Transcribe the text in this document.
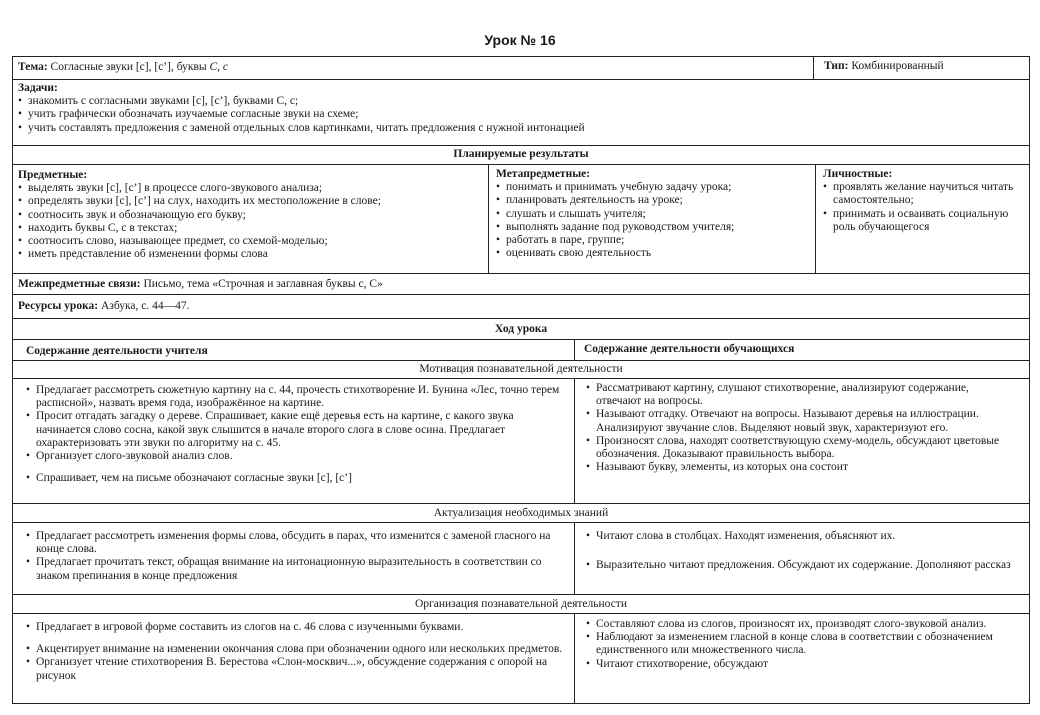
Урок № 16
Тема: Согласные звуки [с], [с’], буквы С, с	Тип: Комбинированный
Задачи:
• знакомить с согласными звуками [с], [с’], буквами С, с;
• учить графически обозначать изучаемые согласные звуки на схеме;
• учить составлять предложения с заменой отдельных слов картинками, читать предложения с нужной интонацией
Планируемые результаты
Предметные:
• выделять звуки [с], [с’] в процессе слого-звукового анализа;
• определять звуки [с], [с’] на слух, находить их местоположение в слове;
• соотносить звук и обозначающую его букву;
• находить буквы С, с в текстах;
• соотносить слово, называющее предмет, со схемой-моделью;
• иметь представление об изменении формы слова
Метапредметные:
• понимать и принимать учебную задачу урока;
• планировать деятельность на уроке;
• слушать и слышать учителя;
• выполнять задание под руководством учителя;
• работать в паре, группе;
• оценивать свою деятельность
Личностные:
• проявлять желание научиться читать самостоятельно;
• принимать и осваивать социальную роль обучающегося
Межпредметные связи: Письмо, тема «Строчная и заглавная буквы с, С»
Ресурсы урока: Азбука, с. 44—47.
Ход урока
Содержание деятельности учителя	Содержание деятельности обучающихся
Мотивация познавательной деятельности
• Предлагает рассмотреть сюжетную картину на с. 44, прочесть стихотворение И. Бунина «Лес, точно терем расписной», назвать время года, изображённое на картине.
• Просит отгадать загадку о дереве. Спрашивает, какие ещё деревья есть на картине, с какого звука начинается слово сосна, какой звук слышится в начале второго слога в слове осина. Предлагает охарактеризовать эти звуки по алгоритму на с. 45.
• Организует слого-звуковой анализ слов.
• Спрашивает, чем на письме обозначают согласные звуки [с], [с’]
• Рассматривают картину, слушают стихотворение, анализируют содержание, отвечают на вопросы.
• Называют отгадку. Отвечают на вопросы. Называют деревья на иллюстрации. Анализируют звучание слов. Выделяют новый звук, характеризуют его.
• Произносят слова, находят соответствующую схему-модель, обсуждают цветовые обозначения. Доказывают правильность выбора.
• Называют букву, элементы, из которых она состоит
Актуализация необходимых знаний
• Предлагает рассмотреть изменения формы слова, обсудить в парах, что изменится с заменой гласного на конце слова.
• Предлагает прочитать текст, обращая внимание на интонационную выразительность в соответствии со знаком препинания в конце предложения
• Читают слова в столбцах. Находят изменения, объясняют их.
• Выразительно читают предложения. Обсуждают их содержание. Дополняют рассказ
Организация познавательной деятельности
• Предлагает в игровой форме составить из слогов на с. 46 слова с изученными буквами.
• Акцентирует внимание на изменении окончания слова при обозначении одного или нескольких предметов.
• Организует чтение стихотворения В. Берестова «Слон-москвич...», обсуждение содержания с опорой на рисунок
• Составляют слова из слогов, произносят их, производят слого-звуковой анализ.
• Наблюдают за изменением гласной в конце слова в соответствии с обозначением единственного или множественного числа.
• Читают стихотворение, обсуждают
